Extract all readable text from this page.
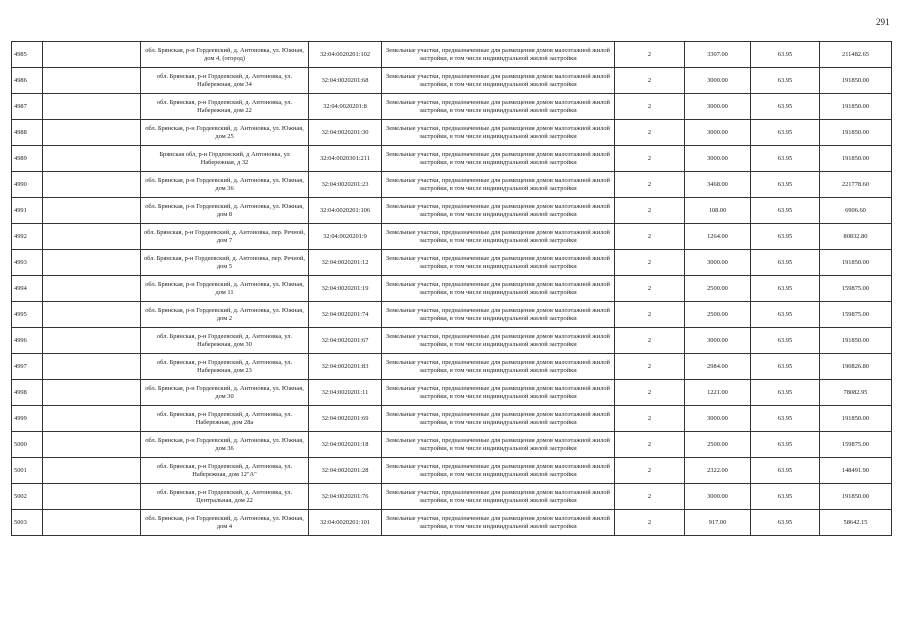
291
4985		обл. Брянская, р-н Гордеевский, д. Антоновка, ул. Южная, дом 4, (огород)	32:04:0020201:102	Земельные участки, предназначенные для размещения домов малоэтажной жилой застройки, в том числе индивидуальной жилой застройки	2	3307.00	63.95	211482.65
4986		обл. Брянская, р-н Гордеевский, д. Антоновка, ул. Набережная, дом 34	32:04:0020201:68	Земельные участки, предназначенные для размещения домов малоэтажной жилой застройки, в том числе индивидуальной жилой застройки	2	3000.00	63.95	191850.00
4987		обл. Брянская, р-н Гордеевский, д. Антоновка, ул. Набережная, дом 22	32:04:0020201:8	Земельные участки, предназначенные для размещения домов малоэтажной жилой застройки, в том числе индивидуальной жилой застройки	2	3000.00	63.95	191850.00
4988		обл. Брянская, р-н Гордеевский, д. Антоновка, ул. Южная, дом 25	32:04:0020201:30	Земельные участки, предназначенные для размещения домов малоэтажной жилой застройки, в том числе индивидуальной жилой застройки	2	3000.00	63.95	191850.00
4989		Брянская обл, р-н Гордеевский, д Антоновка, ул Набережная, д 32	32:04:0020301:211	Земельные участки, предназначенные для размещения домов малоэтажной жилой застройки, в том числе индивидуальной жилой застройки	2	3000.00	63.95	191850.00
4990		обл. Брянская, р-н Гордеевский, д. Антоновка, ул. Южная, дом 36	32:04:0020201:23	Земельные участки, предназначенные для размещения домов малоэтажной жилой застройки, в том числе индивидуальной жилой застройки	2	3468.00	63.95	221778.60
4991		обл. Брянская, р-н Гордеевский, д. Антоновка, ул. Южная, дом 8	32:04:0020201:106	Земельные участки, предназначенные для размещения домов малоэтажной жилой застройки, в том числе индивидуальной жилой застройки	2	108.00	63.95	6906.60
4992		обл. Брянская, р-н Гордеевский, д. Антоновка, пер. Речной, дом 7	32:04:0020201:9	Земельные участки, предназначенные для размещения домов малоэтажной жилой застройки, в том числе индивидуальной жилой застройки	2	1264.00	63.95	80832.80
4993		обл. Брянская, р-н Гордеевский, д. Антоновка, пер. Речной, дом 5	32:04:0020201:12	Земельные участки, предназначенные для размещения домов малоэтажной жилой застройки, в том числе индивидуальной жилой застройки	2	3000.00	63.95	191850.00
4994		обл. Брянская, р-н Гордеевский, д. Антоновка, ул. Южная, дом 11	32:04:0020201:19	Земельные участки, предназначенные для размещения домов малоэтажной жилой застройки, в том числе индивидуальной жилой застройки	2	2500.00	63.95	159875.00
4995		обл. Брянская, р-н Гордеевский, д. Антоновка, ул. Южная, дом 2	32:04:0020201:74	Земельные участки, предназначенные для размещения домов малоэтажной жилой застройки, в том числе индивидуальной жилой застройки	2	2500.00	63.95	159875.00
4996		обл. Брянская, р-н Гордеевский, д. Антоновка, ул. Набережная, дом 30	32:04:0020201:67	Земельные участки, предназначенные для размещения домов малоэтажной жилой застройки, в том числе индивидуальной жилой застройки	2	3000.00	63.95	191850.00
4997		обл. Брянская, р-н Гордеевский, д. Антоновка, ул. Набережная, дом 23	32:04:0020201:83	Земельные участки, предназначенные для размещения домов малоэтажной жилой застройки, в том числе индивидуальной жилой застройки	2	2984.00	63.95	190826.80
4998		обл. Брянская, р-н Гордеевский, д. Антоновка, ул. Южная, дом 30	32:04:0020201:11	Земельные участки, предназначенные для размещения домов малоэтажной жилой застройки, в том числе индивидуальной жилой застройки	2	1221.00	63.95	78082.95
4999		обл. Брянская, р-н Гордеевский, д. Антоновка, ул. Набережная, дом 28а	32:04:0020201:69	Земельные участки, предназначенные для размещения домов малоэтажной жилой застройки, в том числе индивидуальной жилой застройки	2	3000.00	63.95	191850.00
5000		обл. Брянская, р-н Гордеевский, д. Антоновка, ул. Южная, дом 36	32:04:0020201:18	Земельные участки, предназначенные для размещения домов малоэтажной жилой застройки, в том числе индивидуальной жилой застройки	2	2500.00	63.95	159875.00
5001		обл. Брянская, р-н Гордеевский, д. Антоновка, ул. Набережная, дом 12"А"	32:04:0020201:28	Земельные участки, предназначенные для размещения домов малоэтажной жилой застройки, в том числе индивидуальной жилой застройки	2	2322.00	63.95	148491.90
5002		обл. Брянская, р-н Гордеевский, д. Антоновка, ул. Центральная, дом 22	32:04:0020201:76	Земельные участки, предназначенные для размещения домов малоэтажной жилой застройки, в том числе индивидуальной жилой застройки	2	3000.00	63.95	191850.00
5003		обл. Брянская, р-н Гордеевский, д. Антоновка, ул. Южная, дом 4	32:04:0020201:101	Земельные участки, предназначенные для размещения домов малоэтажной жилой застройки, в том числе индивидуальной жилой застройки	2	917.00	63.95	58642.15
